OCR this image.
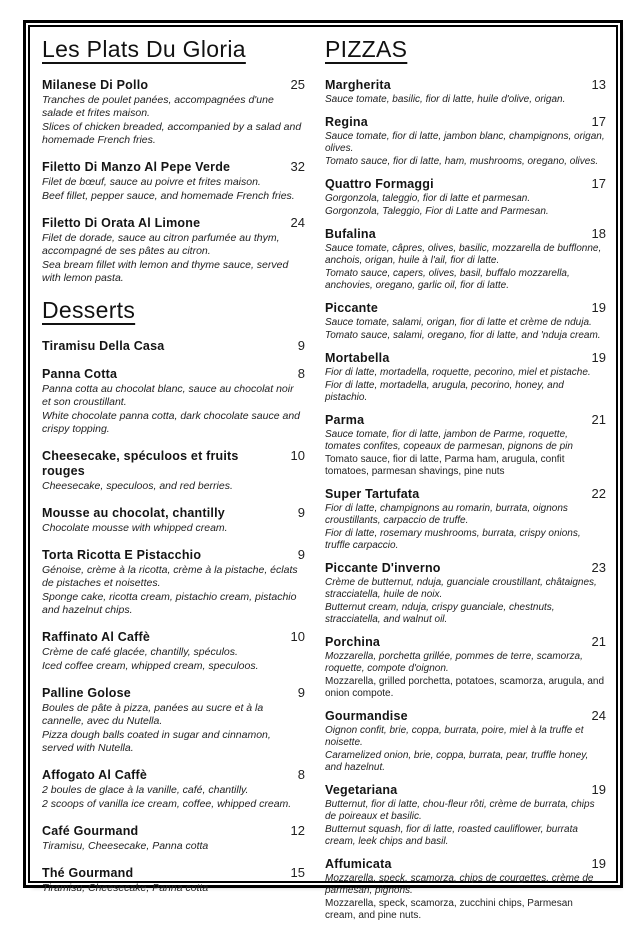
Les Plats Du Gloria
Milanese Di Pollo	25

Tranches de poulet panées, accompagnées d'une salade et frites maison.

Slices of chicken breaded, accompanied by a salad and homemade French fries.

Filetto Di Manzo Al Pepe Verde	32

Filet de bœuf, sauce au poivre et frites maison.

Beef fillet, pepper sauce, and homemade French fries.

Filetto Di Orata Al Limone	24

Filet de dorade, sauce au citron parfumée au thym, accompagné de ses pâtes au citron.

Sea bream fillet with lemon and thyme sauce, served with lemon pasta.

Desserts
Tiramisu Della Casa	9
Panna Cotta	8

Panna cotta au chocolat blanc, sauce au chocolat noir et son croustillant.

White chocolate panna cotta, dark chocolate sauce and crispy topping.

Cheesecake, spéculoos et fruits rouges
10

Cheesecake, speculoos, and red berries.

Mousse au chocolat, chantilly	9

Chocolate mousse with whipped cream.

Torta Ricotta E Pistacchio	9

Génoise, crème à la ricotta, crème à la pistache, éclats de pistaches et noisettes.

Sponge cake, ricotta cream, pistachio cream, pistachio and hazelnut chips.

Raffinato Al Caffè	10

Crème de café glacée, chantilly, spéculos.

Iced coffee cream, whipped cream, speculoos.

Palline Golose	9

Boules de pâte à pizza, panées au sucre et à la cannelle, avec du Nutella.

Pizza dough balls coated in sugar and cinnamon, served with Nutella.

Affogato Al Caffè	8

2 boules de glace à la vanille, café, chantilly.

2 scoops of vanilla ice cream, coffee, whipped cream.

Café Gourmand	12

Tiramisu, Cheesecake, Panna cotta

Thé Gourmand	15

Tiramisu, Cheesecake, Panna cotta

PIZZAS
Margherita	13

Sauce tomate, basilic, fior di latte, huile d'olive, origan.

Regina	17

Sauce tomate, fior di latte, jambon blanc, champignons, origan, olives.

Tomato sauce, fior di latte, ham, mushrooms, oregano, olives.

Quattro Formaggi	17

Gorgonzola, taleggio, fior di latte et parmesan.

Gorgonzola, Taleggio, Fior di Latte and Parmesan.

Bufalina	18

Sauce tomate, câpres, olives, basilic, mozzarella de bufflonne, anchois, origan, huile à l'ail, fior di latte.

Tomato sauce, capers, olives, basil, buffalo mozzarella, anchovies, oregano, garlic oil, fior di latte.

Piccante	19

Sauce tomate, salami, origan, fior di latte et crème de nduja.

Tomato sauce, salami, oregano, fior di latte, and 'nduja cream.

Mortabella	19

Fior di latte, mortadella, roquette, pecorino, miel et pistache.

Fior di latte, mortadella, arugula, pecorino, honey, and pistachio.

Parma	21

Sauce tomate, fior di latte, jambon de Parme, roquette, tomates confites, copeaux de parmesan, pignons de pin

Tomato sauce, fior di latte, Parma ham, arugula, confit tomatoes, parmesan shavings, pine nuts

Super Tartufata	22

Fior di latte, champignons au romarin, burrata, oignons croustillants, carpaccio de truffe.

Fior di latte, rosemary mushrooms, burrata, crispy onions, truffle carpaccio.

Piccante D'inverno	23

Crème de butternut, nduja, guanciale croustillant, châtaignes, stracciatella, huile de noix.

Butternut cream, nduja, crispy guanciale, chestnuts, stracciatella, and walnut oil.

Porchina	21

Mozzarella, porchetta grillée, pommes de terre, scamorza, roquette, compote d'oignon.

Mozzarella, grilled porchetta, potatoes, scamorza, arugula, and onion compote.

Gourmandise	24

Oignon confit, brie, coppa, burrata, poire, miel à la truffe et noisette.

Caramelized onion, brie, coppa, burrata, pear, truffle honey, and hazelnut.

Vegetariana	19

Butternut, fior di latte, chou-fleur rôti, crème de burrata, chips de poireaux et basilic.

Butternut squash, fior di latte, roasted cauliflower, burrata cream, leek chips and basil.

Affumicata	19

Mozzarella, speck, scamorza, chips de courgettes, crème de parmesan, pignons.

Mozzarella, speck, scamorza, zucchini chips, Parmesan cream, and pine nuts.
